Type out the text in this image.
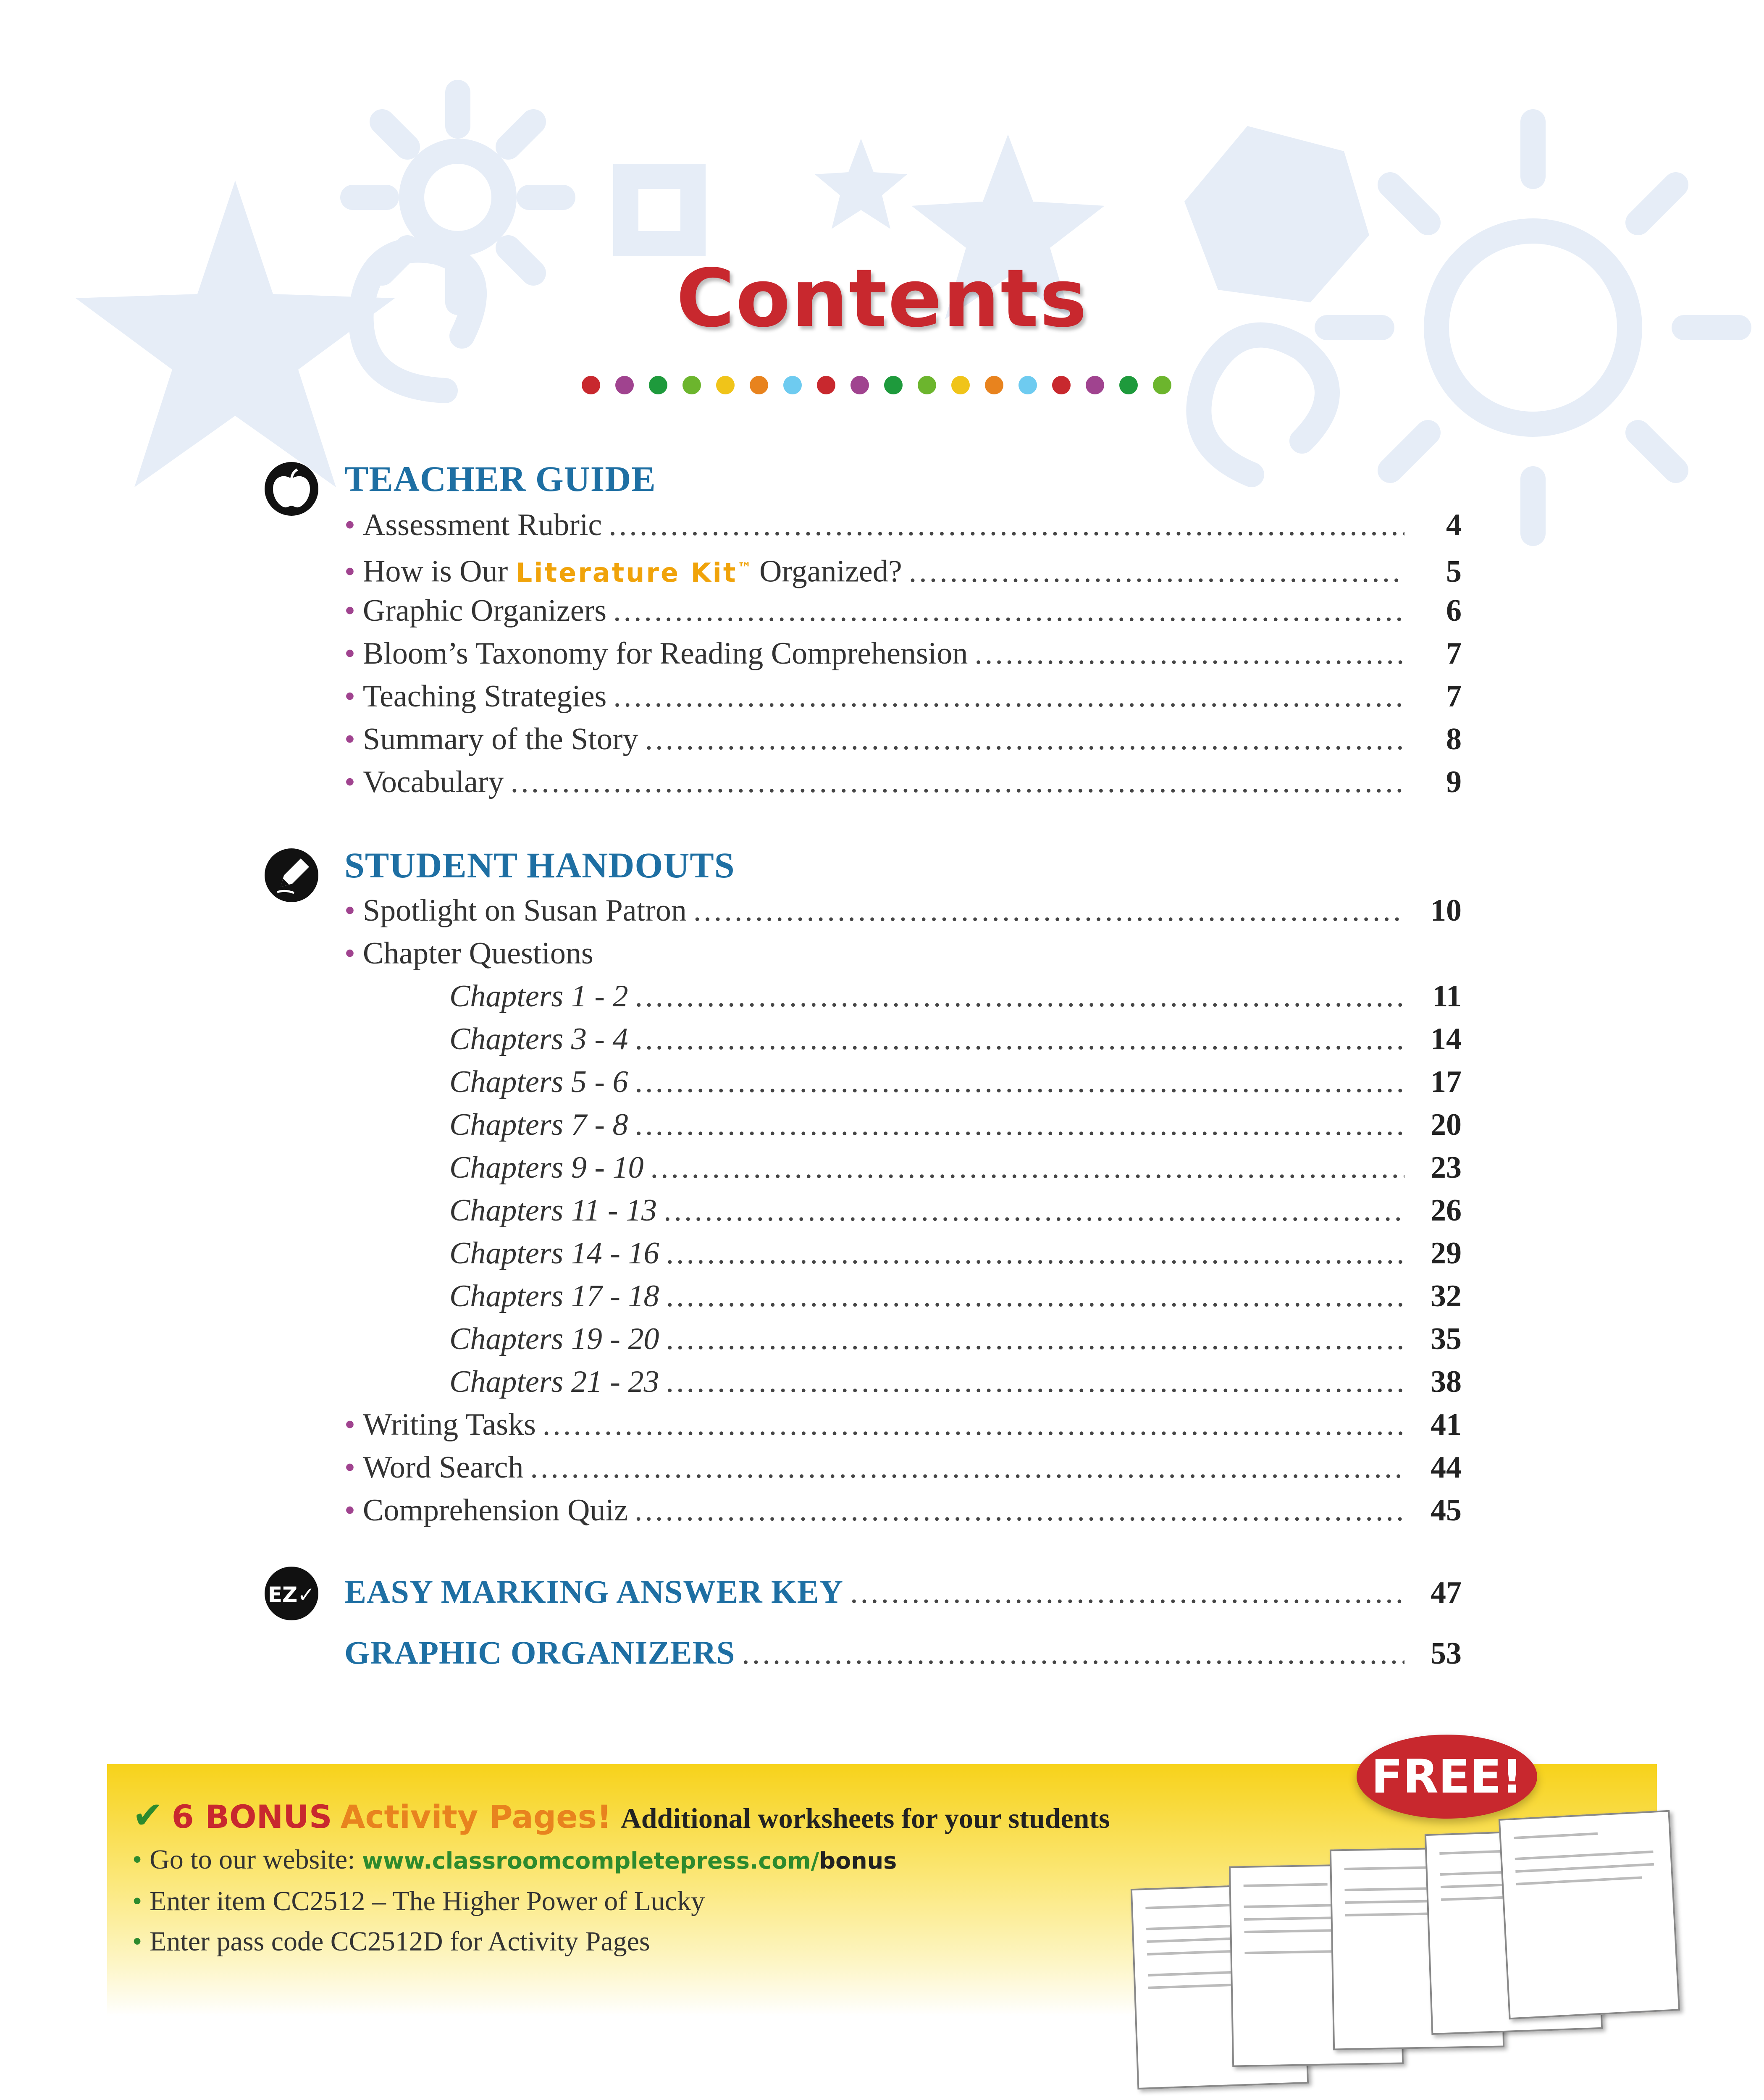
Contents
TEACHER GUIDE
• Assessment Rubric .....	4
• How is Our Literature Kit™ Organized? .....	5
• Graphic Organizers .....	6
• Bloom’s Taxonomy for Reading Comprehension .....	7
• Teaching Strategies .....	7
• Summary of the Story .....	8
• Vocabulary .....	9
STUDENT HANDOUTS
• Spotlight on Susan Patron .....	10
• Chapter Questions
Chapters 1 - 2 .....	11
Chapters 3 - 4 .....	14
Chapters 5 - 6 .....	17
Chapters 7 - 8 .....	20
Chapters 9 - 10 .....	23
Chapters 11 - 13 .....	26
Chapters 14 - 16 .....	29
Chapters 17 - 18 .....	32
Chapters 19 - 20 .....	35
Chapters 21 - 23 .....	38
• Writing Tasks .....	41
• Word Search .....	44
• Comprehension Quiz .....	45
EZ✓ EASY MARKING ANSWER KEY .....	47
GRAPHIC ORGANIZERS .....	53
✔ 6 BONUS Activity Pages! Additional worksheets for your students
• Go to our website: www.classroomcompletepress.com/bonus
• Enter item CC2512 – The Higher Power of Lucky
• Enter pass code CC2512D for Activity Pages
FREE!
